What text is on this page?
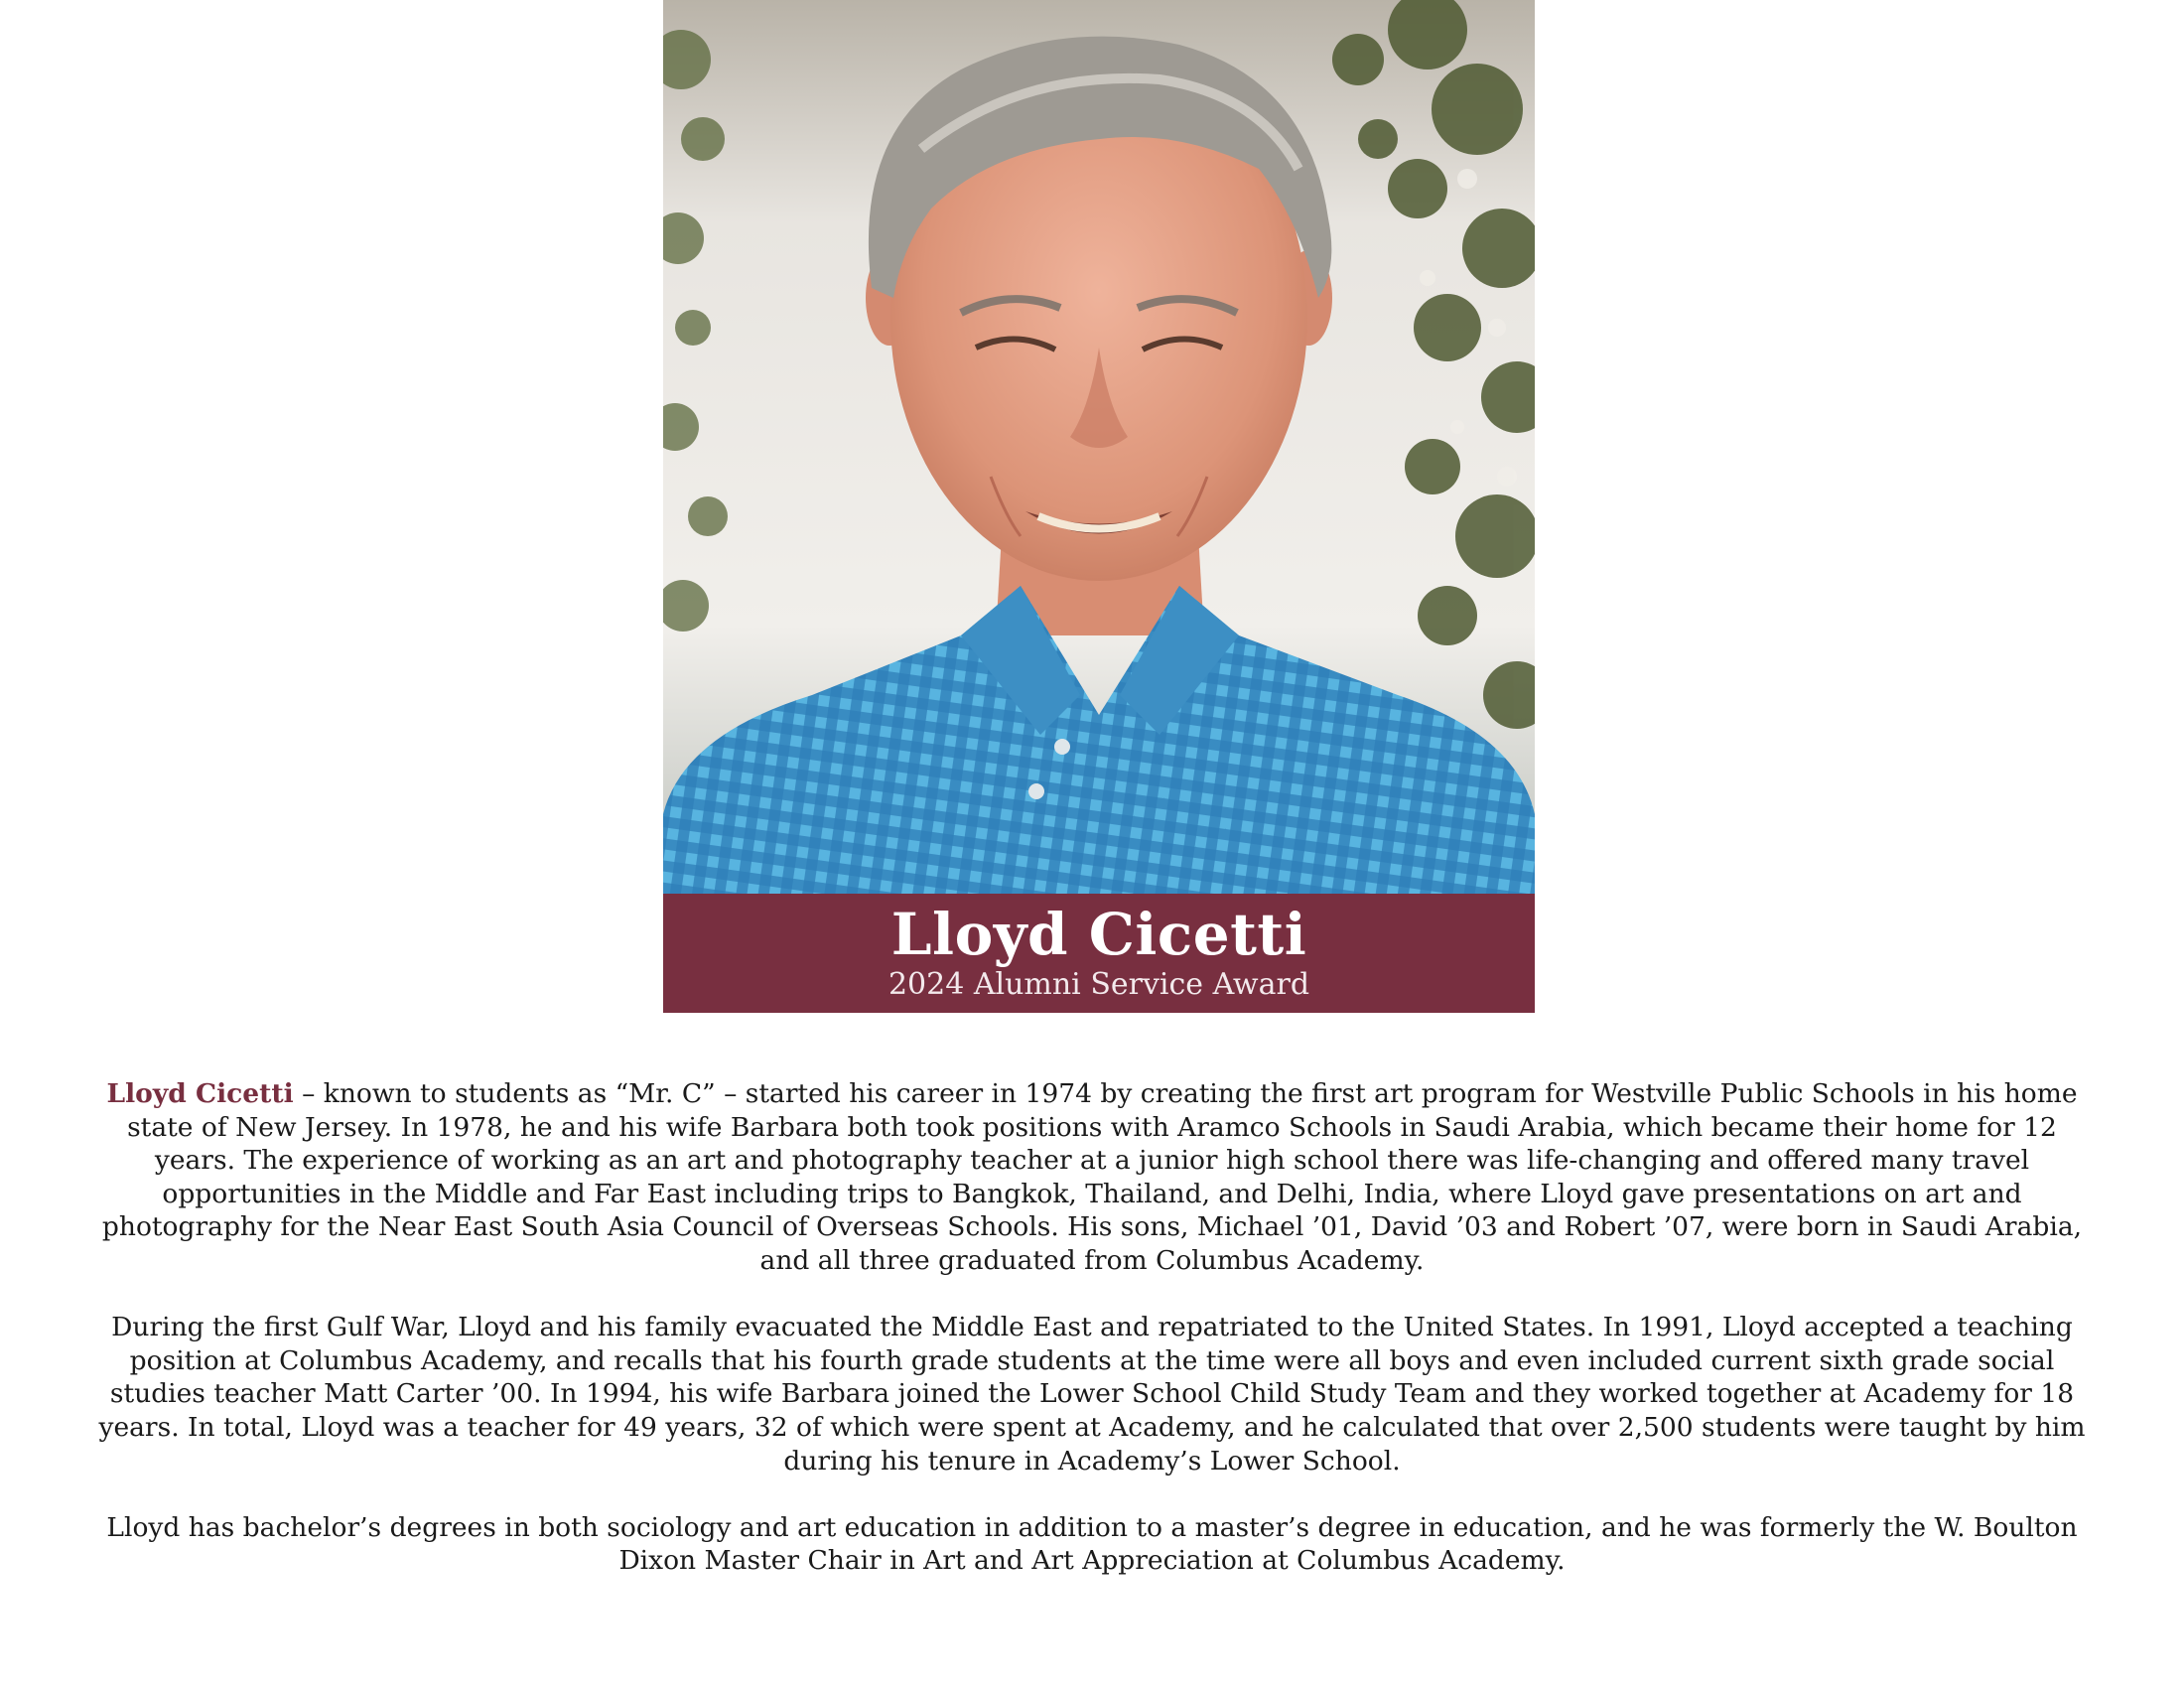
Lloyd Cicetti
2024 Alumni Service Award

Lloyd Cicetti – known to students as “Mr. C” – started his career in 1974 by creating the first art program for Westville Public Schools in his home state of New Jersey. In 1978, he and his wife Barbara both took positions with Aramco Schools in Saudi Arabia, which became their home for 12 years. The experience of working as an art and photography teacher at a junior high school there was life-changing and offered many travel opportunities in the Middle and Far East including trips to Bangkok, Thailand, and Delhi, India, where Lloyd gave presentations on art and photography for the Near East South Asia Council of Overseas Schools. His sons, Michael ’01, David ’03 and Robert ’07, were born in Saudi Arabia, and all three graduated from Columbus Academy.

During the first Gulf War, Lloyd and his family evacuated the Middle East and repatriated to the United States. In 1991, Lloyd accepted a teaching position at Columbus Academy, and recalls that his fourth grade students at the time were all boys and even included current sixth grade social studies teacher Matt Carter ’00. In 1994, his wife Barbara joined the Lower School Child Study Team and they worked together at Academy for 18 years. In total, Lloyd was a teacher for 49 years, 32 of which were spent at Academy, and he calculated that over 2,500 students were taught by him during his tenure in Academy’s Lower School.

Lloyd has bachelor’s degrees in both sociology and art education in addition to a master’s degree in education, and he was formerly the W. Boulton Dixon Master Chair in Art and Art Appreciation at Columbus Academy.
